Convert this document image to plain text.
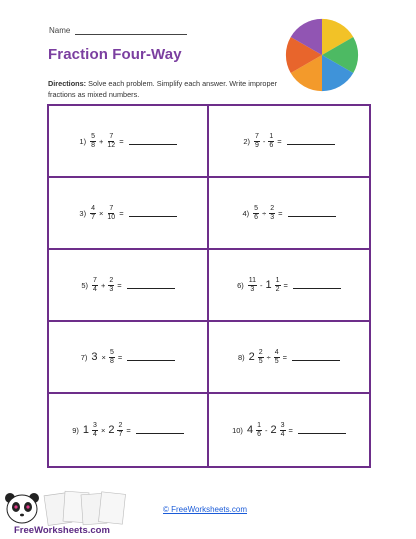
Name
Fraction Four-Way
Directions: Solve each problem. Simplify each answer. Write improper fractions as mixed numbers.
$1) \frac{5}{8} + \frac{7}{12}$ =	$2) \frac{7}{9} - \frac{1}{6}$ =
$3) \frac{4}{7} \times \frac{7}{10}$ =	$4) \frac{5}{6} \div \frac{2}{3}$ =
$5) \frac{7}{4} + \frac{2}{3}$ =	$6) \frac{11}{3} - 1 \frac{1}{2}$ =
7) $3 \times \frac{5}{8}$ =	8) $2 \frac{2}{5} \div \frac{4}{5}$ =
9) $1 \frac{3}{4} \times 2 \frac{2}{7}$ =	10) $4 \frac{1}{6} - 2 \frac{3}{4}$ =
FreeWorksheets.com
© FreeWorksheets.com
